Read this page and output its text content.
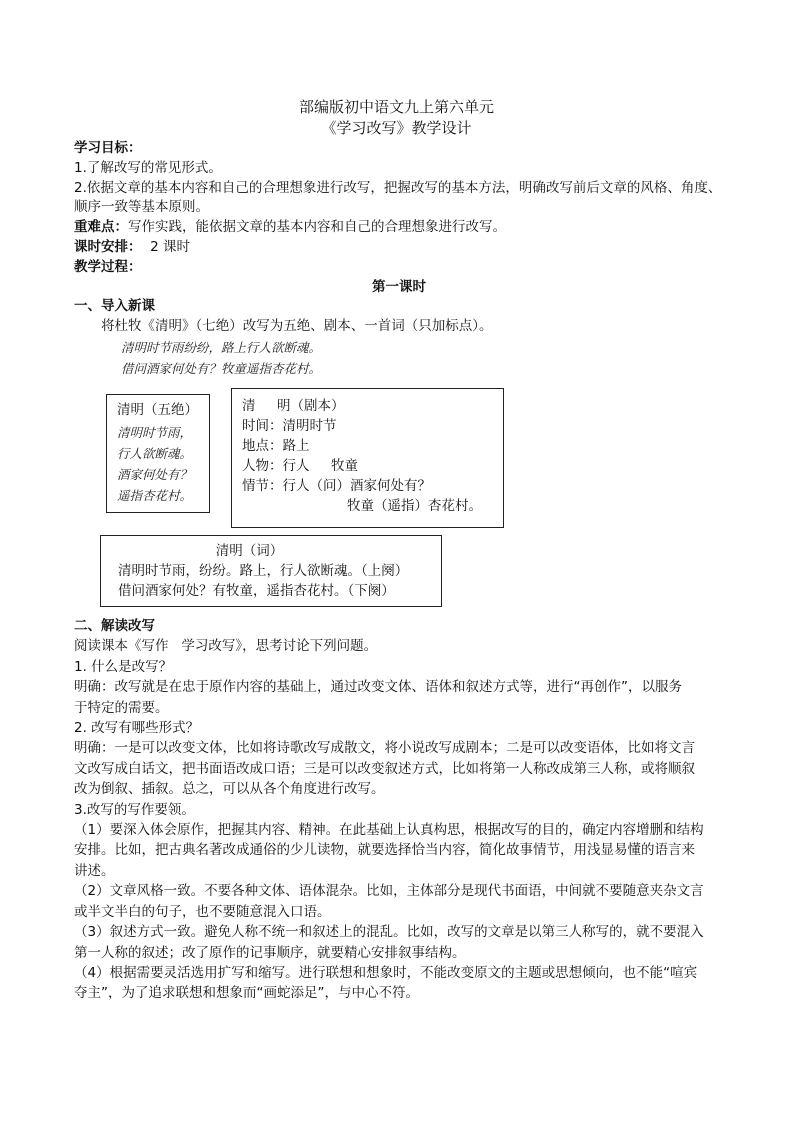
部编版初中语文九上第六单元
《学习改写》教学设计

学习目标：

1.了解改写的常见形式。

2.依据文章的基本内容和自己的合理想象进行改写，把握改写的基本方法，明确改写前后文章的风格、角度、

顺序一致等基本原则。

重难点：写作实践，能依据文章的基本内容和自己的合理想象进行改写。

课时安排：  2 课时

教学过程：

第一课时

一、导入新课

将杜牧《清明》（七绝）改写为五绝、剧本、一首词（只加标点）。

清明时节雨纷纷，路上行人欲断魂。

借问酒家何处有？牧童遥指杏花村。

清明（五绝）

清明时节雨，

行人欲断魂。

酒家何处有？

遥指杏花村。

清     明（剧本）

时间：清明时节

地点：路上

人物：行人     牧童

情节：行人（问）酒家何处有？

牧童（遥指）杏花村。

清明（词）

清明时节雨，纷纷。路上，行人欲断魂。（上阕）

借问酒家何处？有牧童，遥指杏花村。（下阕）

二、解读改写

阅读课本《写作   学习改写》，思考讨论下列问题。

1. 什么是改写？

明确：改写就是在忠于原作内容的基础上，通过改变文体、语体和叙述方式等，进行“再创作”，以服务

于特定的需要。

2. 改写有哪些形式？

明确：一是可以改变文体，比如将诗歌改写成散文，将小说改写成剧本；二是可以改变语体，比如将文言

文改写成白话文，把书面语改成口语；三是可以改变叙述方式，比如将第一人称改成第三人称，或将顺叙

改为倒叙、插叙。总之，可以从各个角度进行改写。

3.改写的写作要领。

（1）要深入体会原作，把握其内容、精神。在此基础上认真构思，根据改写的目的，确定内容增删和结构

安排。比如，把古典名著改成通俗的少儿读物，就要选择恰当内容，简化故事情节，用浅显易懂的语言来

讲述。

（2）文章风格一致。不要各种文体、语体混杂。比如，主体部分是现代书面语，中间就不要随意夹杂文言

或半文半白的句子，也不要随意混入口语。

（3）叙述方式一致。避免人称不统一和叙述上的混乱。比如，改写的文章是以第三人称写的，就不要混入

第一人称的叙述；改了原作的记事顺序，就要精心安排叙事结构。

（4）根据需要灵活选用扩写和缩写。进行联想和想象时，不能改变原文的主题或思想倾向，也不能“喧宾

夺主”，为了追求联想和想象而“画蛇添足”，与中心不符。
